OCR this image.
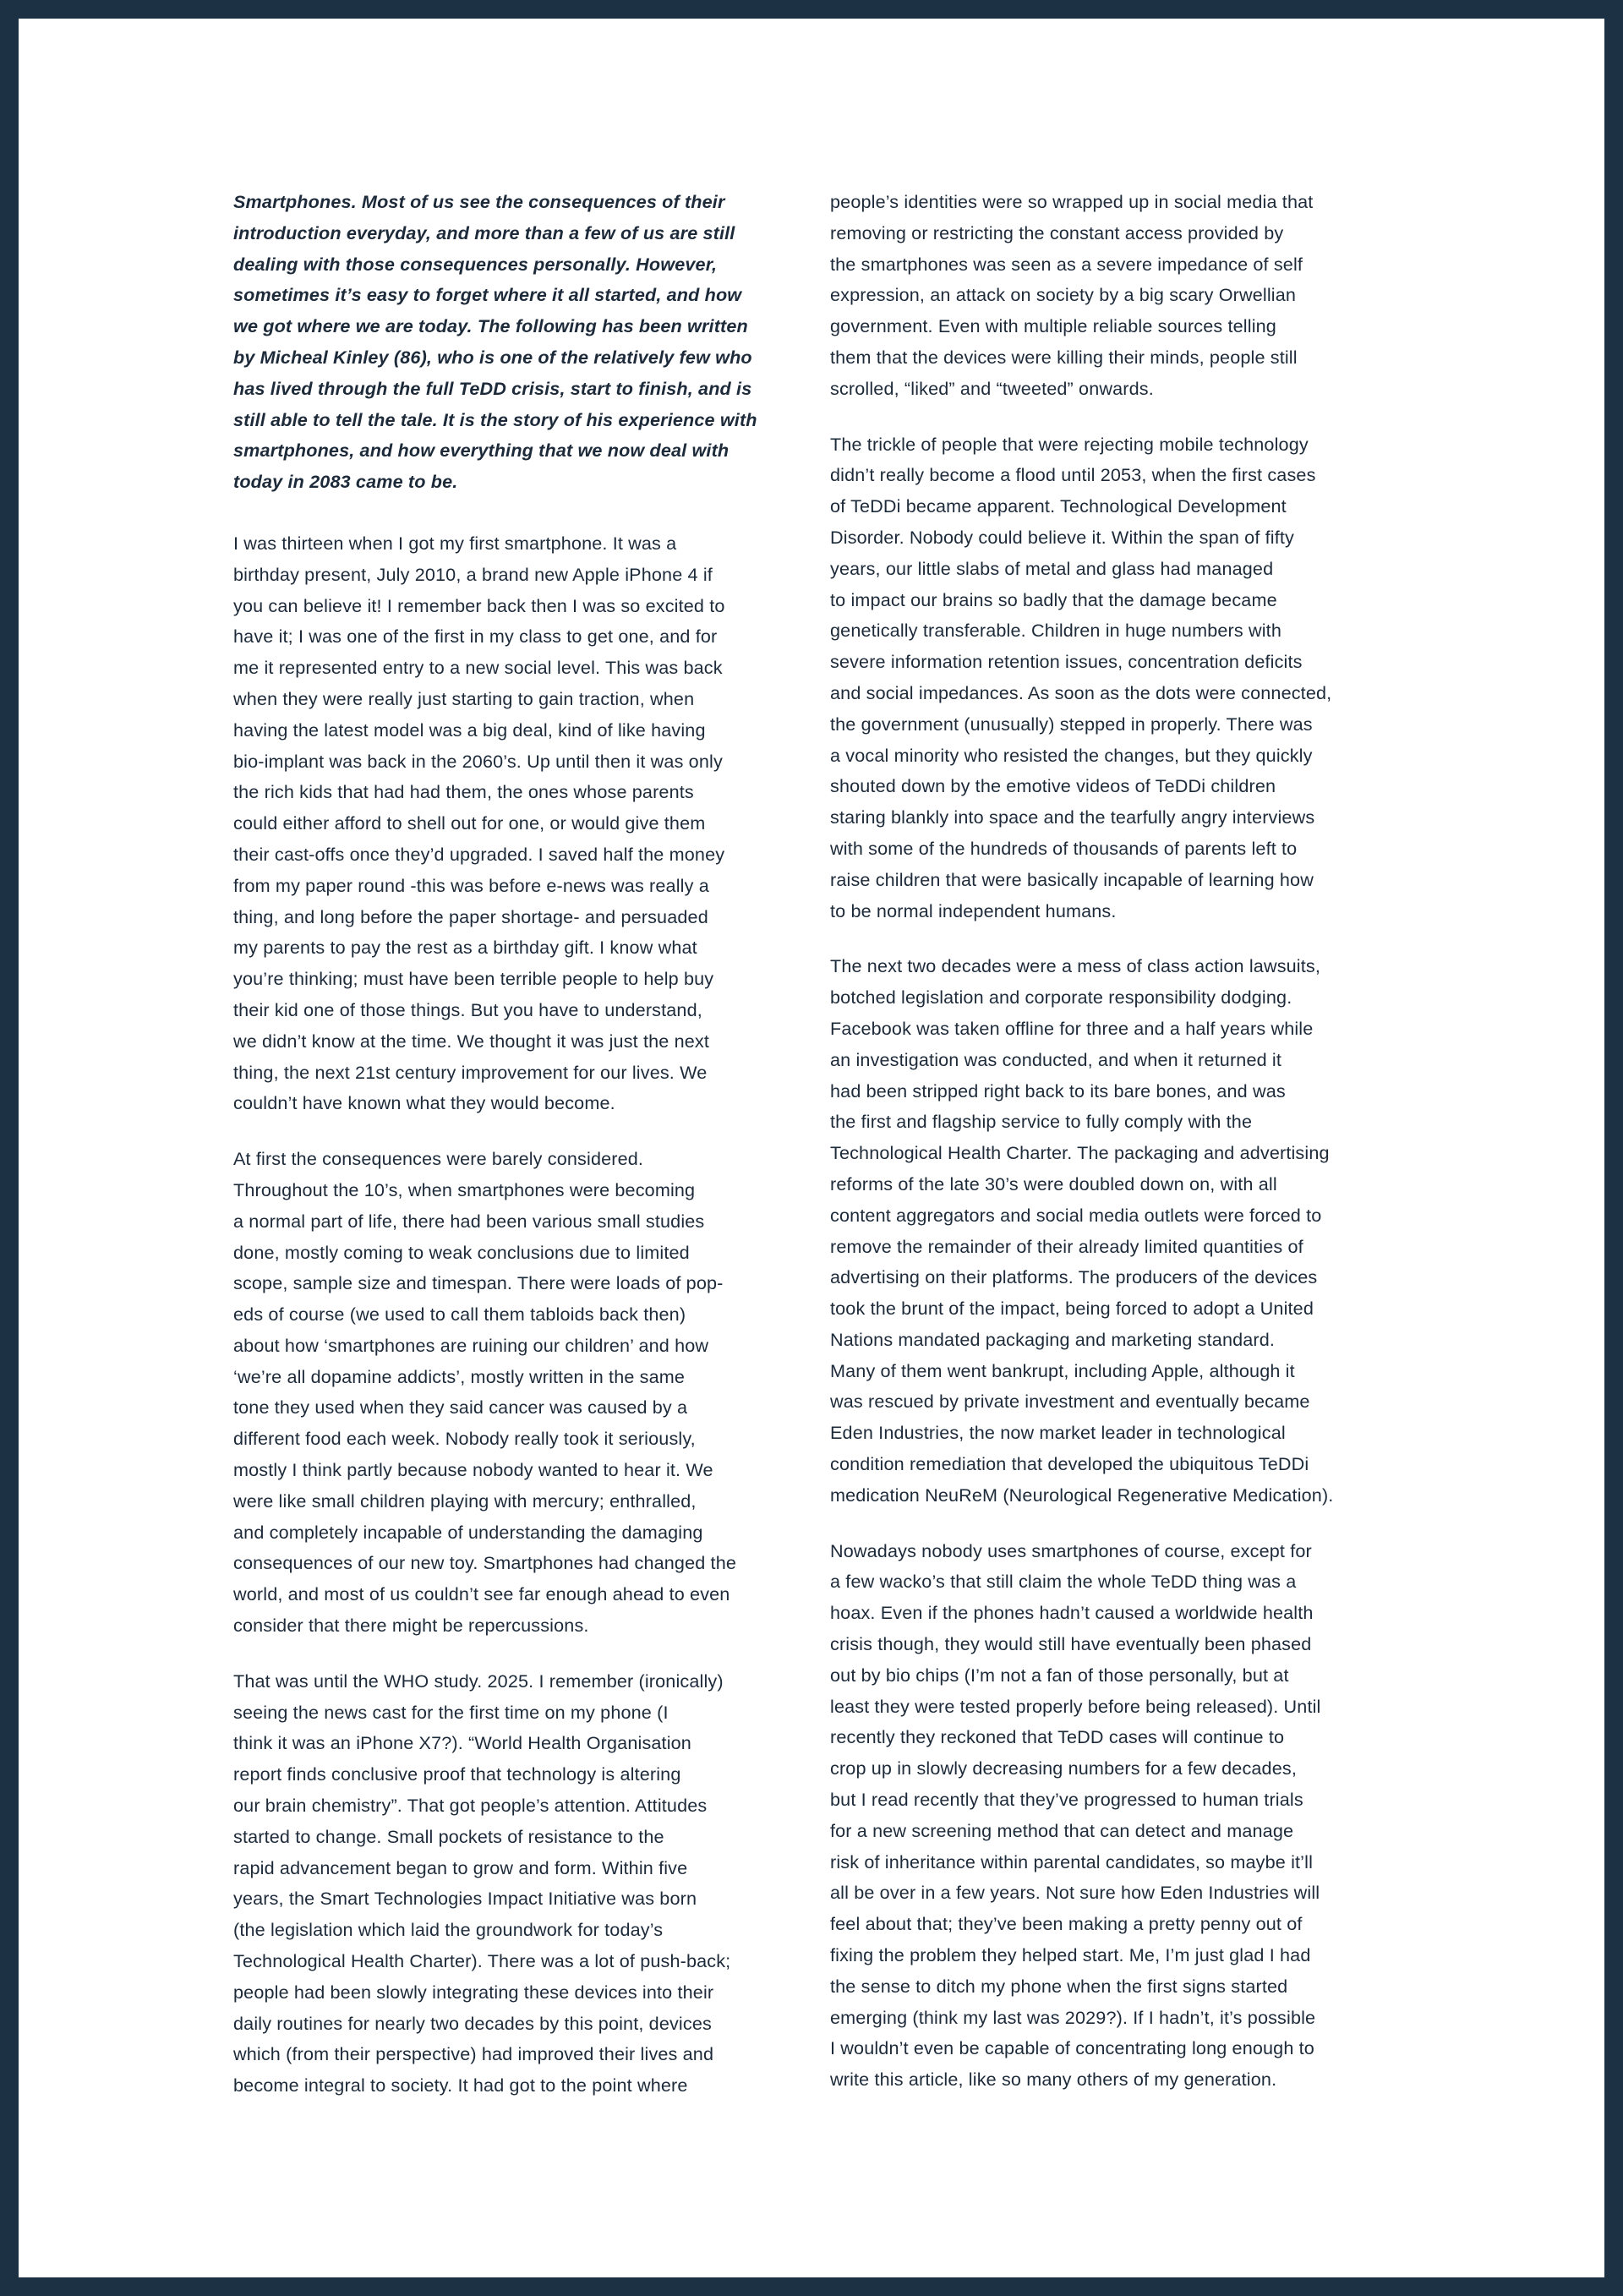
Smartphones. Most of us see the consequences of their
introduction everyday, and more than a few of us are still
dealing with those consequences personally. However,
sometimes it’s easy to forget where it all started, and how
we got where we are today. The following has been written
by Micheal Kinley (86), who is one of the relatively few who
has lived through the full TeDD crisis, start to finish, and is
still able to tell the tale. It is the story of his experience with
smartphones, and how everything that we now deal with
today in 2083 came to be.

I was thirteen when I got my first smartphone. It was a
birthday present, July 2010, a brand new Apple iPhone 4 if
you can believe it! I remember back then I was so excited to
have it; I was one of the first in my class to get one, and for
me it represented entry to a new social level. This was back
when they were really just starting to gain traction, when
having the latest model was a big deal, kind of like having
bio-implant was back in the 2060’s. Up until then it was only
the rich kids that had had them, the ones whose parents
could either afford to shell out for one, or would give them
their cast-offs once they’d upgraded. I saved half the money
from my paper round -this was before e-news was really a
thing, and long before the paper shortage- and persuaded
my parents to pay the rest as a birthday gift. I know what
you’re thinking; must have been terrible people to help buy
their kid one of those things. But you have to understand,
we didn’t know at the time. We thought it was just the next
thing, the next 21st century improvement for our lives. We
couldn’t have known what they would become.

At first the consequences were barely considered.
Throughout the 10’s, when smartphones were becoming
a normal part of life, there had been various small studies
done, mostly coming to weak conclusions due to limited
scope, sample size and timespan. There were loads of pop-
eds of course (we used to call them tabloids back then)
about how ‘smartphones are ruining our children’ and how
‘we’re all dopamine addicts’, mostly written in the same
tone they used when they said cancer was caused by a
different food each week. Nobody really took it seriously,
mostly I think partly because nobody wanted to hear it. We
were like small children playing with mercury; enthralled,
and completely incapable of understanding the damaging
consequences of our new toy. Smartphones had changed the
world, and most of us couldn’t see far enough ahead to even
consider that there might be repercussions.

That was until the WHO study. 2025. I remember (ironically)
seeing the news cast for the first time on my phone (I
think it was an iPhone X7?). “World Health Organisation
report finds conclusive proof that technology is altering
our brain chemistry”. That got people’s attention. Attitudes
started to change. Small pockets of resistance to the
rapid advancement began to grow and form. Within five
years, the Smart Technologies Impact Initiative was born
(the legislation which laid the groundwork for today’s
Technological Health Charter). There was a lot of push-back;
people had been slowly integrating these devices into their
daily routines for nearly two decades by this point, devices
which (from their perspective) had improved their lives and
become integral to society. It had got to the point where

people’s identities were so wrapped up in social media that
removing or restricting the constant access provided by
the smartphones was seen as a severe impedance of self
expression, an attack on society by a big scary Orwellian
government. Even with multiple reliable sources telling
them that the devices were killing their minds, people still
scrolled, “liked” and “tweeted” onwards.

The trickle of people that were rejecting mobile technology
didn’t really become a flood until 2053, when the first cases
of TeDDi became apparent. Technological Development
Disorder. Nobody could believe it. Within the span of fifty
years, our little slabs of metal and glass had managed
to impact our brains so badly that the damage became
genetically transferable. Children in huge numbers with
severe information retention issues, concentration deficits
and social impedances. As soon as the dots were connected,
the government (unusually) stepped in properly. There was
a vocal minority who resisted the changes, but they quickly
shouted down by the emotive videos of TeDDi children
staring blankly into space and the tearfully angry interviews
with some of the hundreds of thousands of parents left to
raise children that were basically incapable of learning how
to be normal independent humans.

The next two decades were a mess of class action lawsuits,
botched legislation and corporate responsibility dodging.
Facebook was taken offline for three and a half years while
an investigation was conducted, and when it returned it
had been stripped right back to its bare bones, and was
the first and flagship service to fully comply with the
Technological Health Charter. The packaging and advertising
reforms of the late 30’s were doubled down on, with all
content aggregators and social media outlets were forced to
remove the remainder of their already limited quantities of
advertising on their platforms. The producers of the devices
took the brunt of the impact, being forced to adopt a United
Nations mandated packaging and marketing standard.
Many of them went bankrupt, including Apple, although it
was rescued by private investment and eventually became
Eden Industries, the now market leader in technological
condition remediation that developed the ubiquitous TeDDi
medication NeuReM (Neurological Regenerative Medication).

Nowadays nobody uses smartphones of course, except for
a few wacko’s that still claim the whole TeDD thing was a
hoax. Even if the phones hadn’t caused a worldwide health
crisis though, they would still have eventually been phased
out by bio chips (I’m not a fan of those personally, but at
least they were tested properly before being released). Until
recently they reckoned that TeDD cases will continue to
crop up in slowly decreasing numbers for a few decades,
but I read recently that they’ve progressed to human trials
for a new screening method that can detect and manage
risk of inheritance within parental candidates, so maybe it’ll
all be over in a few years. Not sure how Eden Industries will
feel about that; they’ve been making a pretty penny out of
fixing the problem they helped start. Me, I’m just glad I had
the sense to ditch my phone when the first signs started
emerging (think my last was 2029?). If I hadn’t, it’s possible
I wouldn’t even be capable of concentrating long enough to
write this article, like so many others of my generation.
